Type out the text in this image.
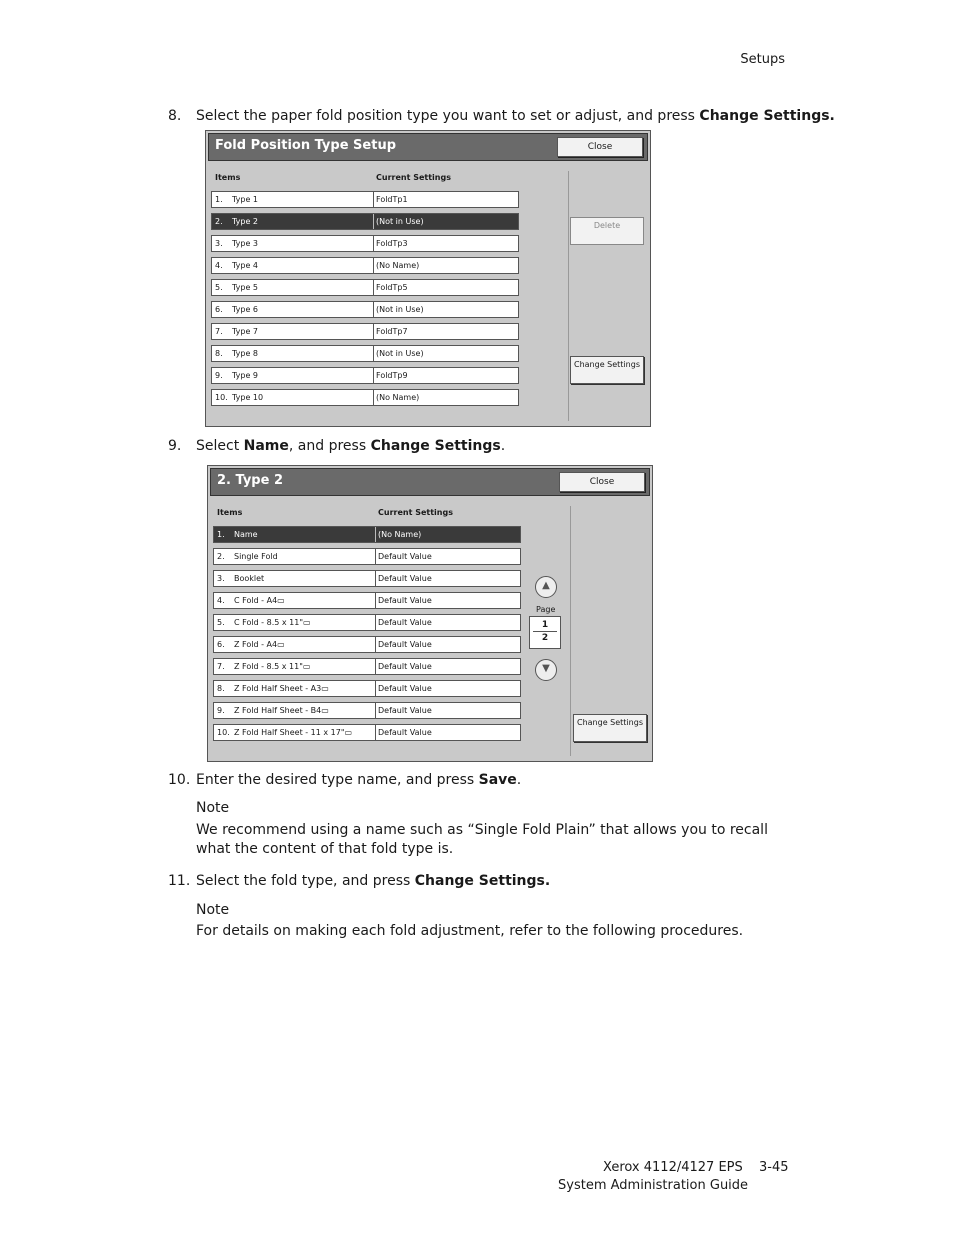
Setups
8. Select the paper fold position type you want to set or adjust, and press Change Settings.
Fold Position Type Setup	Close
Items	Current Settings
Delete
Change Settings
1. Type 1	FoldTp1
2. Type 2	(Not in Use)
3. Type 3	FoldTp3
4. Type 4	(No Name)
5. Type 5	FoldTp5
6. Type 6	(Not in Use)
7. Type 7	FoldTp7
8. Type 8	(Not in Use)
9. Type 9	FoldTp9
10. Type 10	(No Name)
9. Select Name, and press Change Settings.
2. Type 2	Close
Items	Current Settings
▲
Page
1
2
▼
Change Settings
1. Name	(No Name)
2. Single Fold	Default Value
3. Booklet	Default Value
4. C Fold - A4▭	Default Value
5. C Fold - 8.5 x 11"▭	Default Value
6. Z Fold - A4▭	Default Value
7. Z Fold - 8.5 x 11"▭	Default Value
8. Z Fold Half Sheet - A3▭	Default Value
9. Z Fold Half Sheet - B4▭	Default Value
10. Z Fold Half Sheet - 11 x 17"▭	Default Value
10. Enter the desired type name, and press Save.
Note
We recommend using a name such as “Single Fold Plain” that allows you to recall what the content of that fold type is.
11. Select the fold type, and press Change Settings.
Note
For details on making each fold adjustment, refer to the following procedures.
Xerox 4112/4127 EPS 3-45
System Administration Guide
